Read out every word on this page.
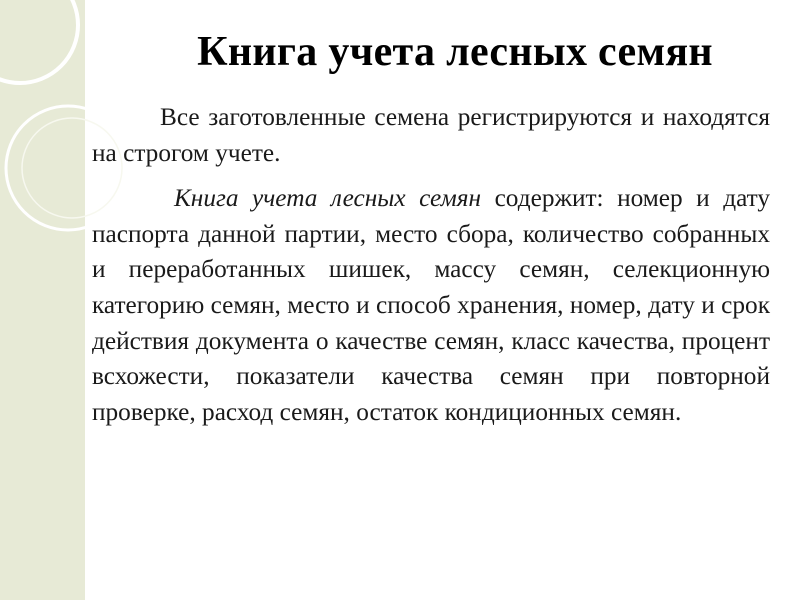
Книга учета лесных семян

Все заготовленные семена регистрируются и находятся на строгом учете.

Книга учета лесных семян содержит: номер и дату паспорта данной партии, место сбора, количество собранных и переработанных шишек, массу семян, селекционную категорию семян, место и способ хранения, номер, дату и срок действия документа о качестве семян, класс качества, процент всхожести, показатели качества семян при повторной проверке, расход семян, остаток кондиционных семян.
